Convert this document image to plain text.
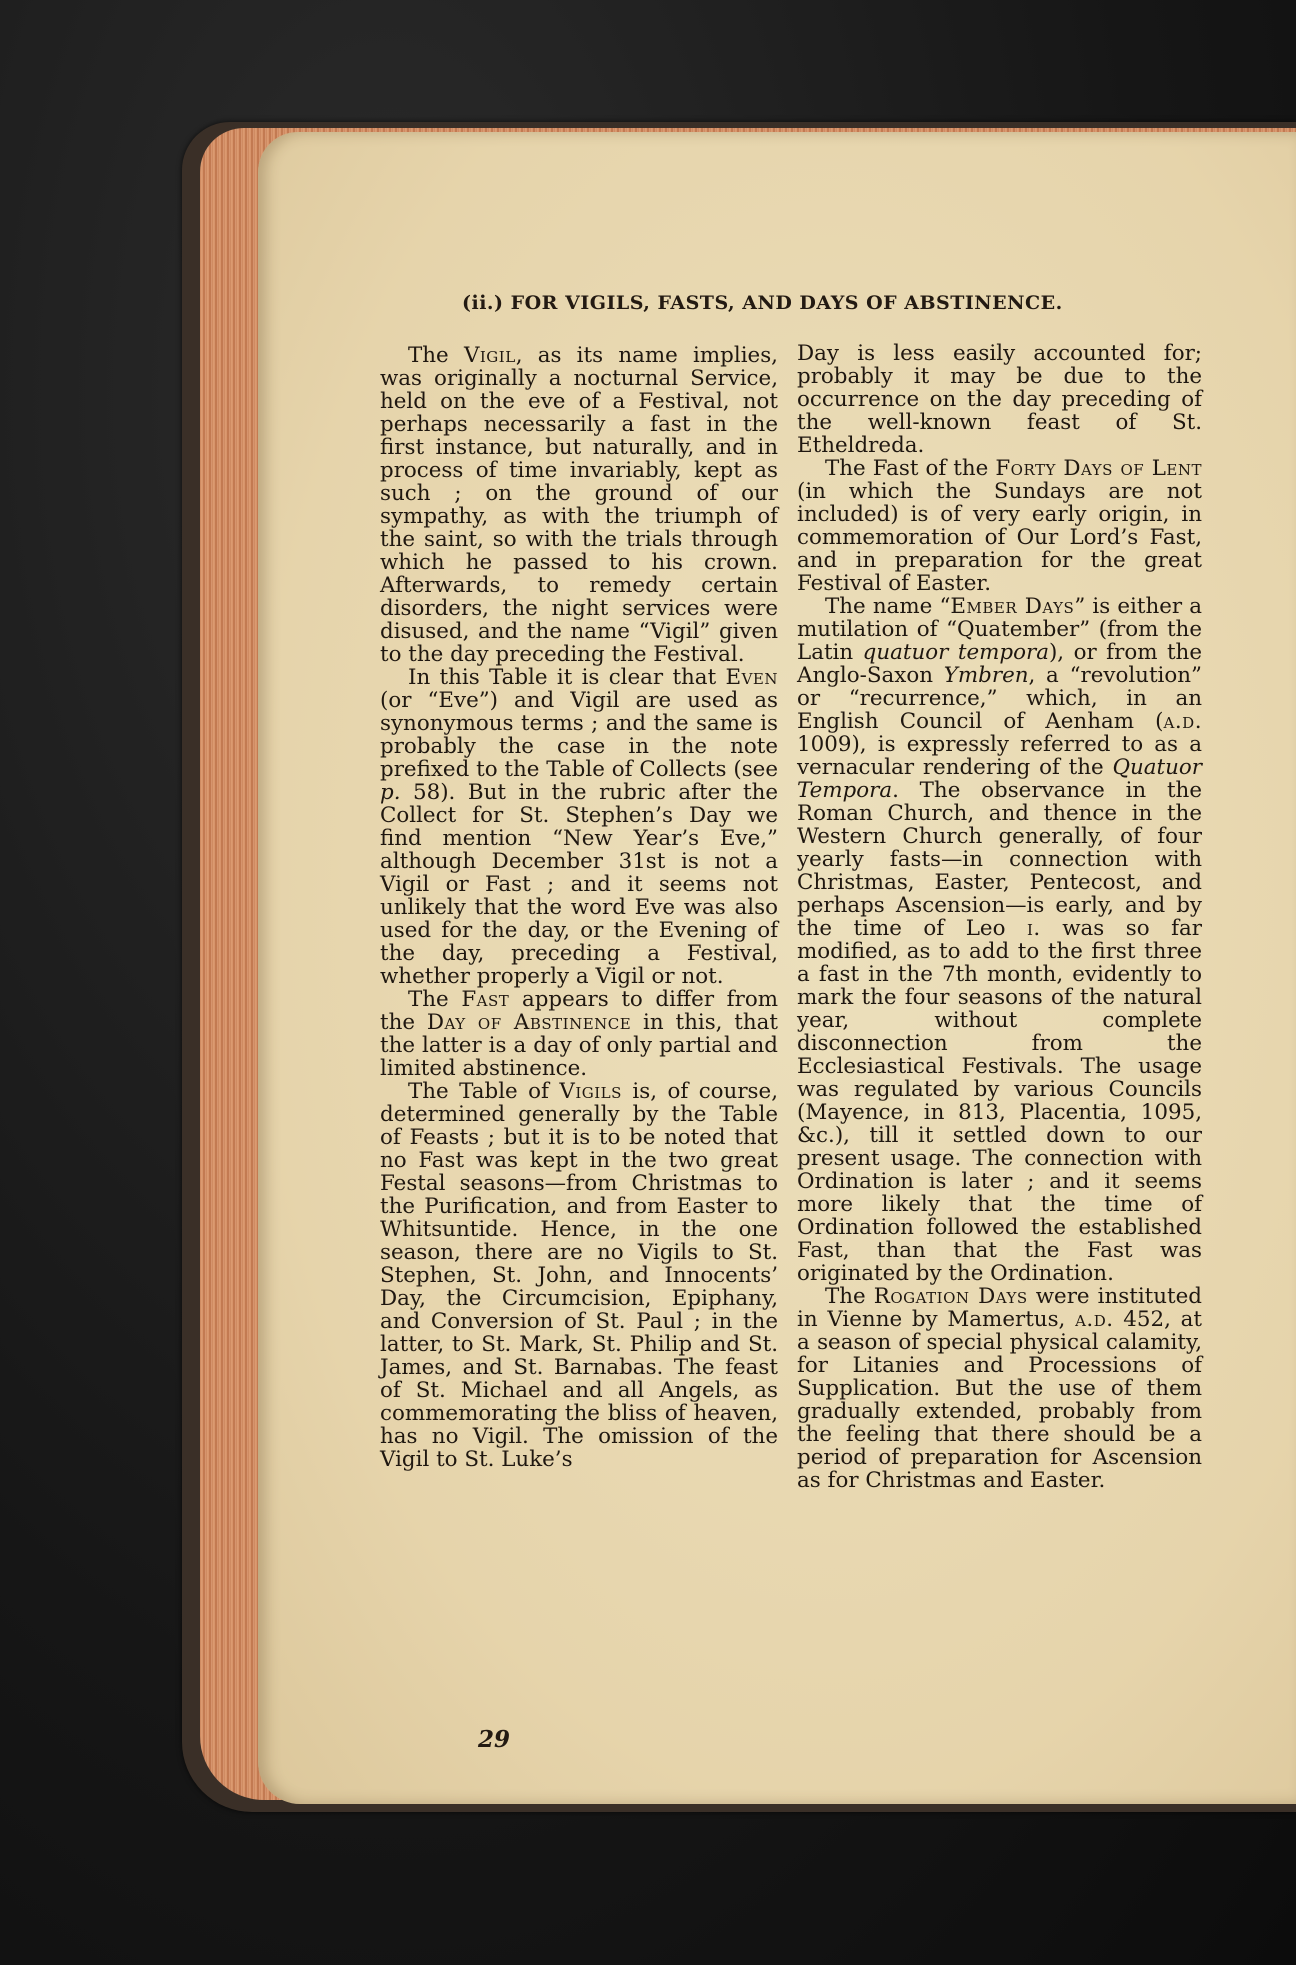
(ii.) FOR VIGILS, FASTS, AND DAYS OF ABSTINENCE.

The Vigil, as its name implies, was originally a nocturnal Service, held on the eve of a Festival, not perhaps necessarily a fast in the first instance, but naturally, and in process of time invariably, kept as such ; on the ground of our sympathy, as with the triumph of the saint, so with the trials through which he passed to his crown. Afterwards, to remedy certain disorders, the night services were disused, and the name “Vigil” given to the day preceding the Festival.

In this Table it is clear that Even (or “Eve”) and Vigil are used as synonymous terms ; and the same is probably the case in the note prefixed to the Table of Collects (see p. 58). But in the rubric after the Collect for St. Stephen’s Day we find mention “New Year’s Eve,” although December 31st is not a Vigil or Fast ; and it seems not unlikely that the word Eve was also used for the day, or the Evening of the day, preceding a Festival, whether properly a Vigil or not.

The Fast appears to differ from the Day of Abstinence in this, that the latter is a day of only partial and limited abstinence.

The Table of Vigils is, of course, determined generally by the Table of Feasts ; but it is to be noted that no Fast was kept in the two great Festal seasons—from Christmas to the Purification, and from Easter to Whitsuntide. Hence, in the one season, there are no Vigils to St. Stephen, St. John, and Innocents’ Day, the Circumcision, Epiphany, and Conversion of St. Paul ; in the latter, to St. Mark, St. Philip and St. James, and St. Barnabas. The feast of St. Michael and all Angels, as commemorating the bliss of heaven, has no Vigil. The omission of the Vigil to St. Luke’s

Day is less easily accounted for; probably it may be due to the occurrence on the day preceding of the well-known feast of St. Etheldreda.

The Fast of the Forty Days of Lent (in which the Sundays are not included) is of very early origin, in commemoration of Our Lord’s Fast, and in preparation for the great Festival of Easter.

The name “Ember Days” is either a mutilation of “Quatember” (from the Latin quatuor tempora), or from the Anglo-Saxon Ymbren, a “revolution” or “recurrence,” which, in an English Council of Aenham (a.d. 1009), is expressly referred to as a vernacular rendering of the Quatuor Tempora. The observance in the Roman Church, and thence in the Western Church generally, of four yearly fasts—in connection with Christmas, Easter, Pentecost, and perhaps Ascension—is early, and by the time of Leo i. was so far modified, as to add to the first three a fast in the 7th month, evidently to mark the four seasons of the natural year, without complete disconnection from the Ecclesiastical Festivals. The usage was regulated by various Councils (Mayence, in 813, Placentia, 1095, &c.), till it settled down to our present usage. The connection with Ordination is later ; and it seems more likely that the time of Ordination followed the established Fast, than that the Fast was originated by the Ordination.

The Rogation Days were instituted in Vienne by Mamertus, a.d. 452, at a season of special physical calamity, for Litanies and Processions of Supplication. But the use of them gradually extended, probably from the feeling that there should be a period of preparation for Ascension as for Christmas and Easter.

29
